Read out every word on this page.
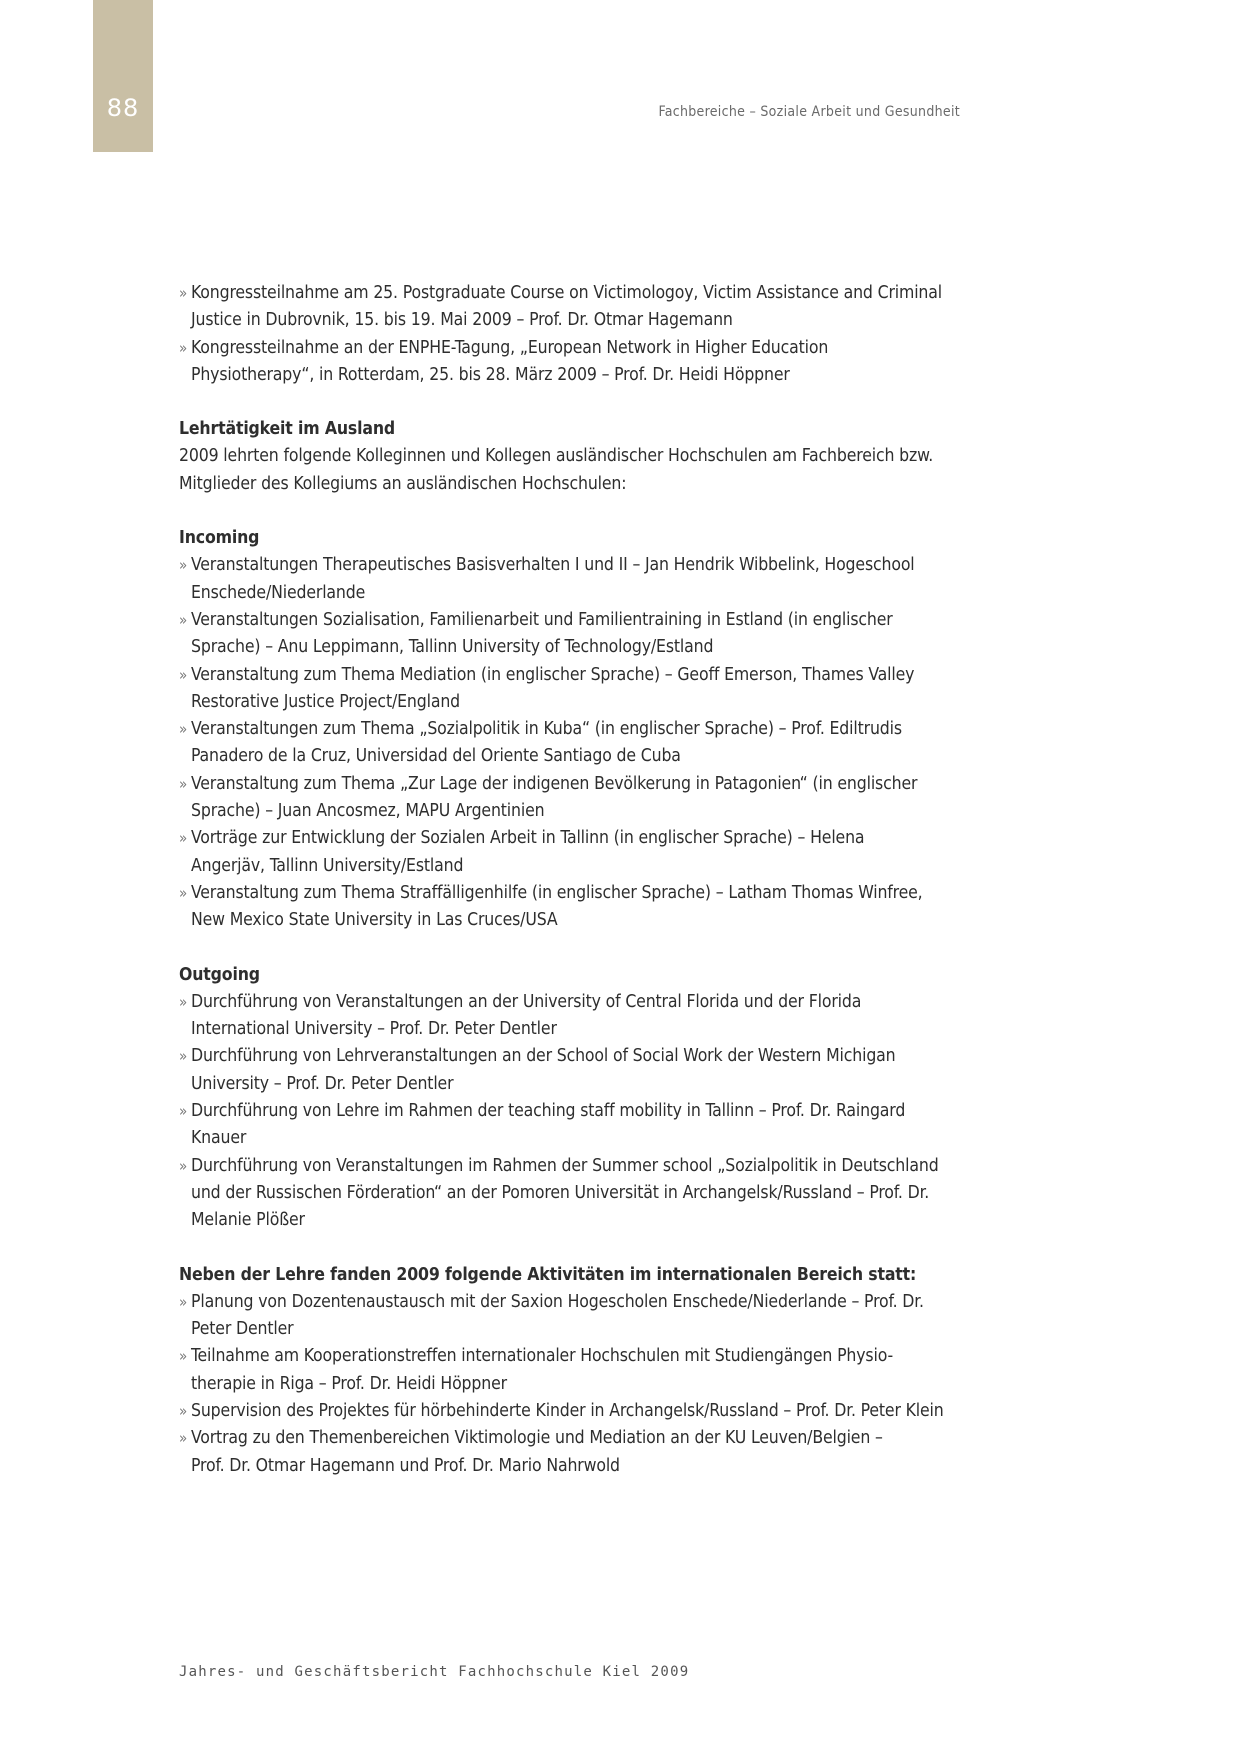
88	Fachbereiche – Soziale Arbeit und Gesundheit
» Kongressteilnahme am 25. Postgraduate Course on Victimologoy, Victim Assistance and Criminal
Justice in Dubrovnik, 15. bis 19. Mai 2009 – Prof. Dr. Otmar Hagemann
» Kongressteilnahme an der ENPHE-Tagung, „European Network in Higher Education
Physiotherapy“, in Rotterdam, 25. bis 28. März 2009 – Prof. Dr. Heidi Höppner
Lehrtätigkeit im Ausland
2009 lehrten folgende Kolleginnen und Kollegen ausländischer Hochschulen am Fachbereich bzw.
Mitglieder des Kollegiums an ausländischen Hochschulen:
Incoming
» Veranstaltungen Therapeutisches Basisverhalten I und II – Jan Hendrik Wibbelink, Hogeschool
Enschede/Niederlande
» Veranstaltungen Sozialisation, Familienarbeit und Familientraining in Estland (in englischer
Sprache) – Anu Leppimann, Tallinn University of Technology/Estland
» Veranstaltung zum Thema Mediation (in englischer Sprache) – Geoff Emerson, Thames Valley
Restorative Justice Project/England
» Veranstaltungen zum Thema „Sozialpolitik in Kuba“ (in englischer Sprache) – Prof. Ediltrudis
Panadero de la Cruz, Universidad del Oriente Santiago de Cuba
» Veranstaltung zum Thema „Zur Lage der indigenen Bevölkerung in Patagonien“ (in englischer
Sprache) – Juan Ancosmez, MAPU Argentinien
» Vorträge zur Entwicklung der Sozialen Arbeit in Tallinn (in englischer Sprache) – Helena
Angerjäv, Tallinn University/Estland
» Veranstaltung zum Thema Straffälligenhilfe (in englischer Sprache) – Latham Thomas Winfree,
New Mexico State University in Las Cruces/USA
Outgoing
» Durchführung von Veranstaltungen an der University of Central Florida und der Florida
International University – Prof. Dr. Peter Dentler
» Durchführung von Lehrveranstaltungen an der School of Social Work der Western Michigan
University – Prof. Dr. Peter Dentler
» Durchführung von Lehre im Rahmen der teaching staff mobility in Tallinn – Prof. Dr. Raingard
Knauer
» Durchführung von Veranstaltungen im Rahmen der Summer school „Sozialpolitik in Deutschland
und der Russischen Förderation“ an der Pomoren Universität in Archangelsk/Russland – Prof. Dr.
Melanie Plößer
Neben der Lehre fanden 2009 folgende Aktivitäten im internationalen Bereich statt:
» Planung von Dozentenaustausch mit der Saxion Hogescholen Enschede/Niederlande – Prof. Dr.
Peter Dentler
» Teilnahme am Kooperationstreffen internationaler Hochschulen mit Studiengängen Physio-
therapie in Riga – Prof. Dr. Heidi Höppner
» Supervision des Projektes für hörbehinderte Kinder in Archangelsk/Russland – Prof. Dr. Peter Klein
» Vortrag zu den Themenbereichen Viktimologie und Mediation an der KU Leuven/Belgien –
Prof. Dr. Otmar Hagemann und Prof. Dr. Mario Nahrwold
Jahres- und Geschäftsbericht Fachhochschule Kiel 2009
